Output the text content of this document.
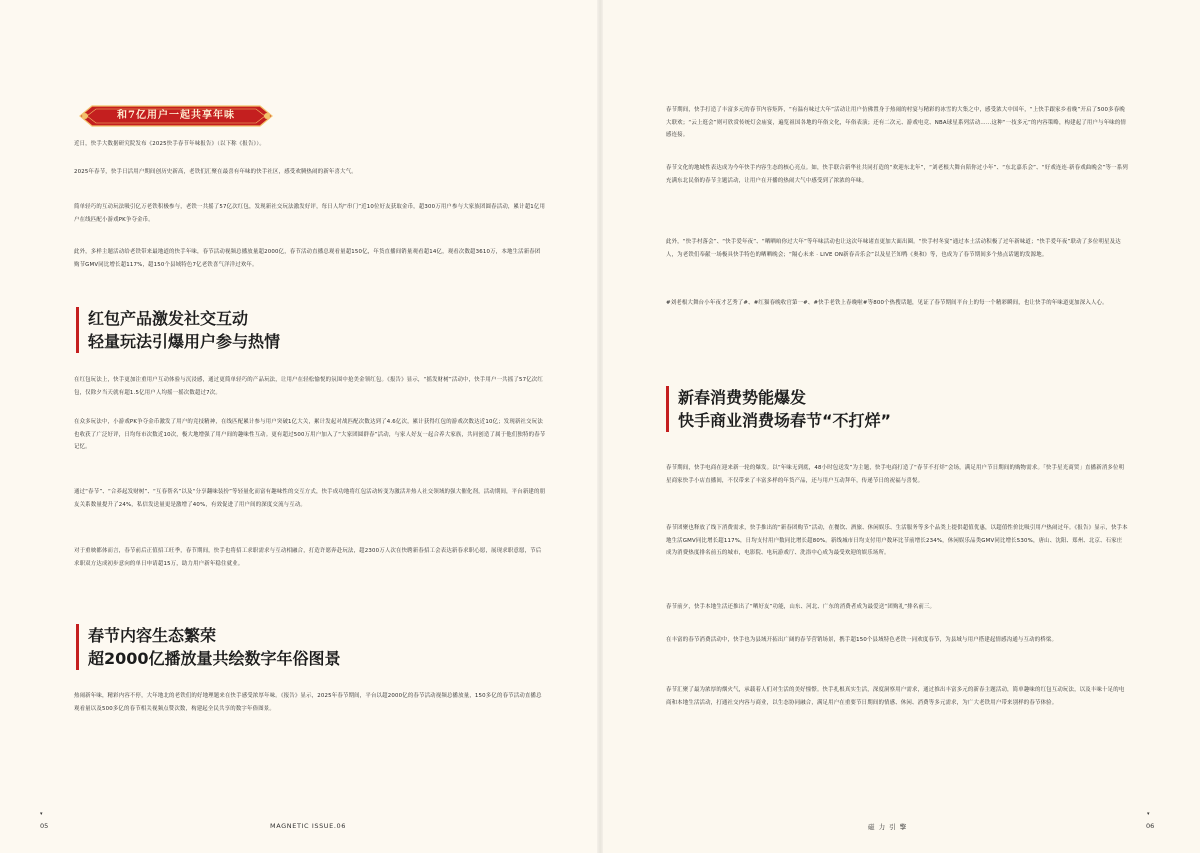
和7亿用户一起共享年味

近日，快手大数据研究院发布《2025快手春节年味报告》（以下称《报告》）。

2025年春节，快手日活用户期间创历史新高，老铁们汇聚在最喜有年味的快手社区，感受欢腾热闹的新年喜大气。

简单轻巧的互动玩法吸引亿万老铁积极参与，老铁一共摇了57亿次红包，发现新社交玩法激发好评，每日人均“串门”近10位好友获取金币，超300万用户参与大家族团圆春活动，累计超1亿用户在线匹配小游戏PK争夺金币。

此外，多样主题活动给老铁带来最地道的快手年味，春节活动视频总播放量超2000亿，春节活动直播总观看量超150亿，年货直播间销量观看超14亿，观看次数超3610万，本地生活新春团购节GMV同比增长超117%，超150个县域特色7亿老铁喜气洋洋过欢年。

红包产品激发社交互动
轻量玩法引爆用户参与热情

在红包玩法上，快手更加注重用户互动体验与沉浸感，通过更简单轻巧的产品玩法，让用户在轻松愉悦的氛围中抢美金领红包。《报告》显示，“摇发财树”活动中，快手用户一共摇了57亿次红包，仅除夕当天就有超1.5亿用户人均摇一摇次数超过7次。

在众多玩法中，小游戏PK争夺金币激发了用户的竞技精神，在线匹配累计参与用户突破1亿大关，累计发起对战匹配次数达到了4.6亿次，累计获得红包的游戏次数达近10亿；发现新社交玩法也收获了广泛好评，日均每市次数近10次，极大地增强了用户间的趣味性互动。更有超过500万用户加入了“大家团圆群春”活动，与家人好友一起合养大家族，共同创造了属于他们独特的春节记忆。

通过“春节”、“合养起发财树”、“互春帮名”以及“分享翻味装扮”等轻量化而富有趣味性的交互方式，快手成功地将红包活动转变为激活并热人社交领域的强大催化剂，活动期间，平台新建的朋友关系数量提升了24%，私信发送量更是激增了40%，有效促进了用户间的深度交流与互动。

对于重映都体而言，春节前后正值招工旺季，春节期间，快手也将招工求职需求与互动相融合，打造许愿奔赴玩法，超2300万人次在快聘新春招工会表达新春求职心愿，展现求职意愿，节后求职双方达成初步意向的单日申请超15万，助力用户新年稳住就业。

春节内容生态繁荣
超2000亿播放量共绘数字年俗图景

热闹新年味，精彩内容不停，大年地北的老铁们的好地理题来在快手感受浓厚年味。《报告》显示，2025年春节期间，平台以超2000亿的春节活动视频总播放量，150多亿的春节活动直播总观看量以及500多亿的春节相关视频点赞次数，构建起全民共享的数字年俗图景。

▾
05	MAGNETIC ISSUE.06

春节期间，快手打造了丰富多元的春节内容矩阵，“有温有味过大年”活动让用户仿佛置身于热闹的村宴与精彩的冰雪的大集之中，感受浓大中国年，“上快手跟家乡看晚”开启了500多春晚大联欢；“云上逛会”则可欣赏传统灯会庙宴，遍览祖国各地的年俗文化，年俗表演；还有二次元、游戏电竞、NBA球星系列活动……这种“一技多元”的内容策略，构建起了用户与年味的情感连接。

春节文化的地域性表达成为今年快手内容生态的核心亮点。如，快手联合新华社共同打造的“欢迎东北年”，“刘老根大舞台陪你过小年”、“东北嘉乐会”、“好戏连连·新春戏曲晚会”等一系列充满东北民俗的春节主题活动，让用户在开播的热闹大气中感受到了浓浓的年味。

此外，“快手村落会”、“快手爱年夜”、“晒晒咱你过大年”等年味活动也让这次年味诸直更加大面出圈。“快手村冬宴”通过本土活动积极了过年新味道；“快手爱年夜”联动了多位明星及达人，为老铁们奉献一场极具快手特色的晒晒晚会；“隔心未来 · LIVE ON新春音乐会”以及星芒知鸭《奥和》等，也成为了春节期间多个热点话题的发源地。

#刘老根大舞台小年夜才艺秀了#、#红猫春晚收官第一#、#快手老铁上春晚啦#等800个热搜话题，见证了春节期间平台上的每一个精彩瞬间，也让快手的年味道更加深入人心。

新春消费势能爆发
快手商业消费场春节“不打烊”

春节期间，快手电商在迎来新一轮的爆发。以“年味无到底，48小时包送发”为主题，快手电商打造了“春节不打烊”会场，满足用户节日期间的购物需求。「快手星光商贸」直播新消多位明星商家快手小店直播间，不仅带来了丰富多样的年货产品，还与用户互动拜年，传递节日的祝福与喜悦。

春节团聚也释放了线下消费需求，快手推出的“新春团购节”活动，在餐饮、酒旅、休闲娱乐、生活服务等多个品类上提供超值优惠，以超值性价比吸引用户热闹过年。《报告》显示，快手本地生活GMV同比增长超117%，日均支付用户数同比增长超80%。新线城市日均支付用户数环比节前增长234%，休闲娱乐品类GMV同比增长530%，唐山、沈阳、郑州、北京、石家庄成为消费热度排名前五的城市，电影院、电玩游戏厅、洗浴中心成为最受欢迎的娱乐场所。

春节前夕，快手本地生活还推出了“晒好友”功能，山东、河北、广东的消费者成为最爱送“团购礼”排名前三。

在丰富的春节消费活动中，快手也为县域开拓出广阔的春节营销场景，携手超150个县域特色老铁一同欢度春节，为县域与用户搭建起情感沟通与互动的桥梁。

春节汇聚了最为浓厚的烟火气，承载着人们对生活的美好憧憬。快手扎根真实生活，深度洞察用户需求，通过推出丰富多元的新春主题活动，简单趣味的红包互动玩法，以及丰味十足的电商和本地生活活动，打通社交内容与商业，以生态协同融合，满足用户在重要节日期间的情感、休闲、消费等多元需求，为广大老铁用户带来别样的春节体验。

▾
磁 力 引 擎	06
